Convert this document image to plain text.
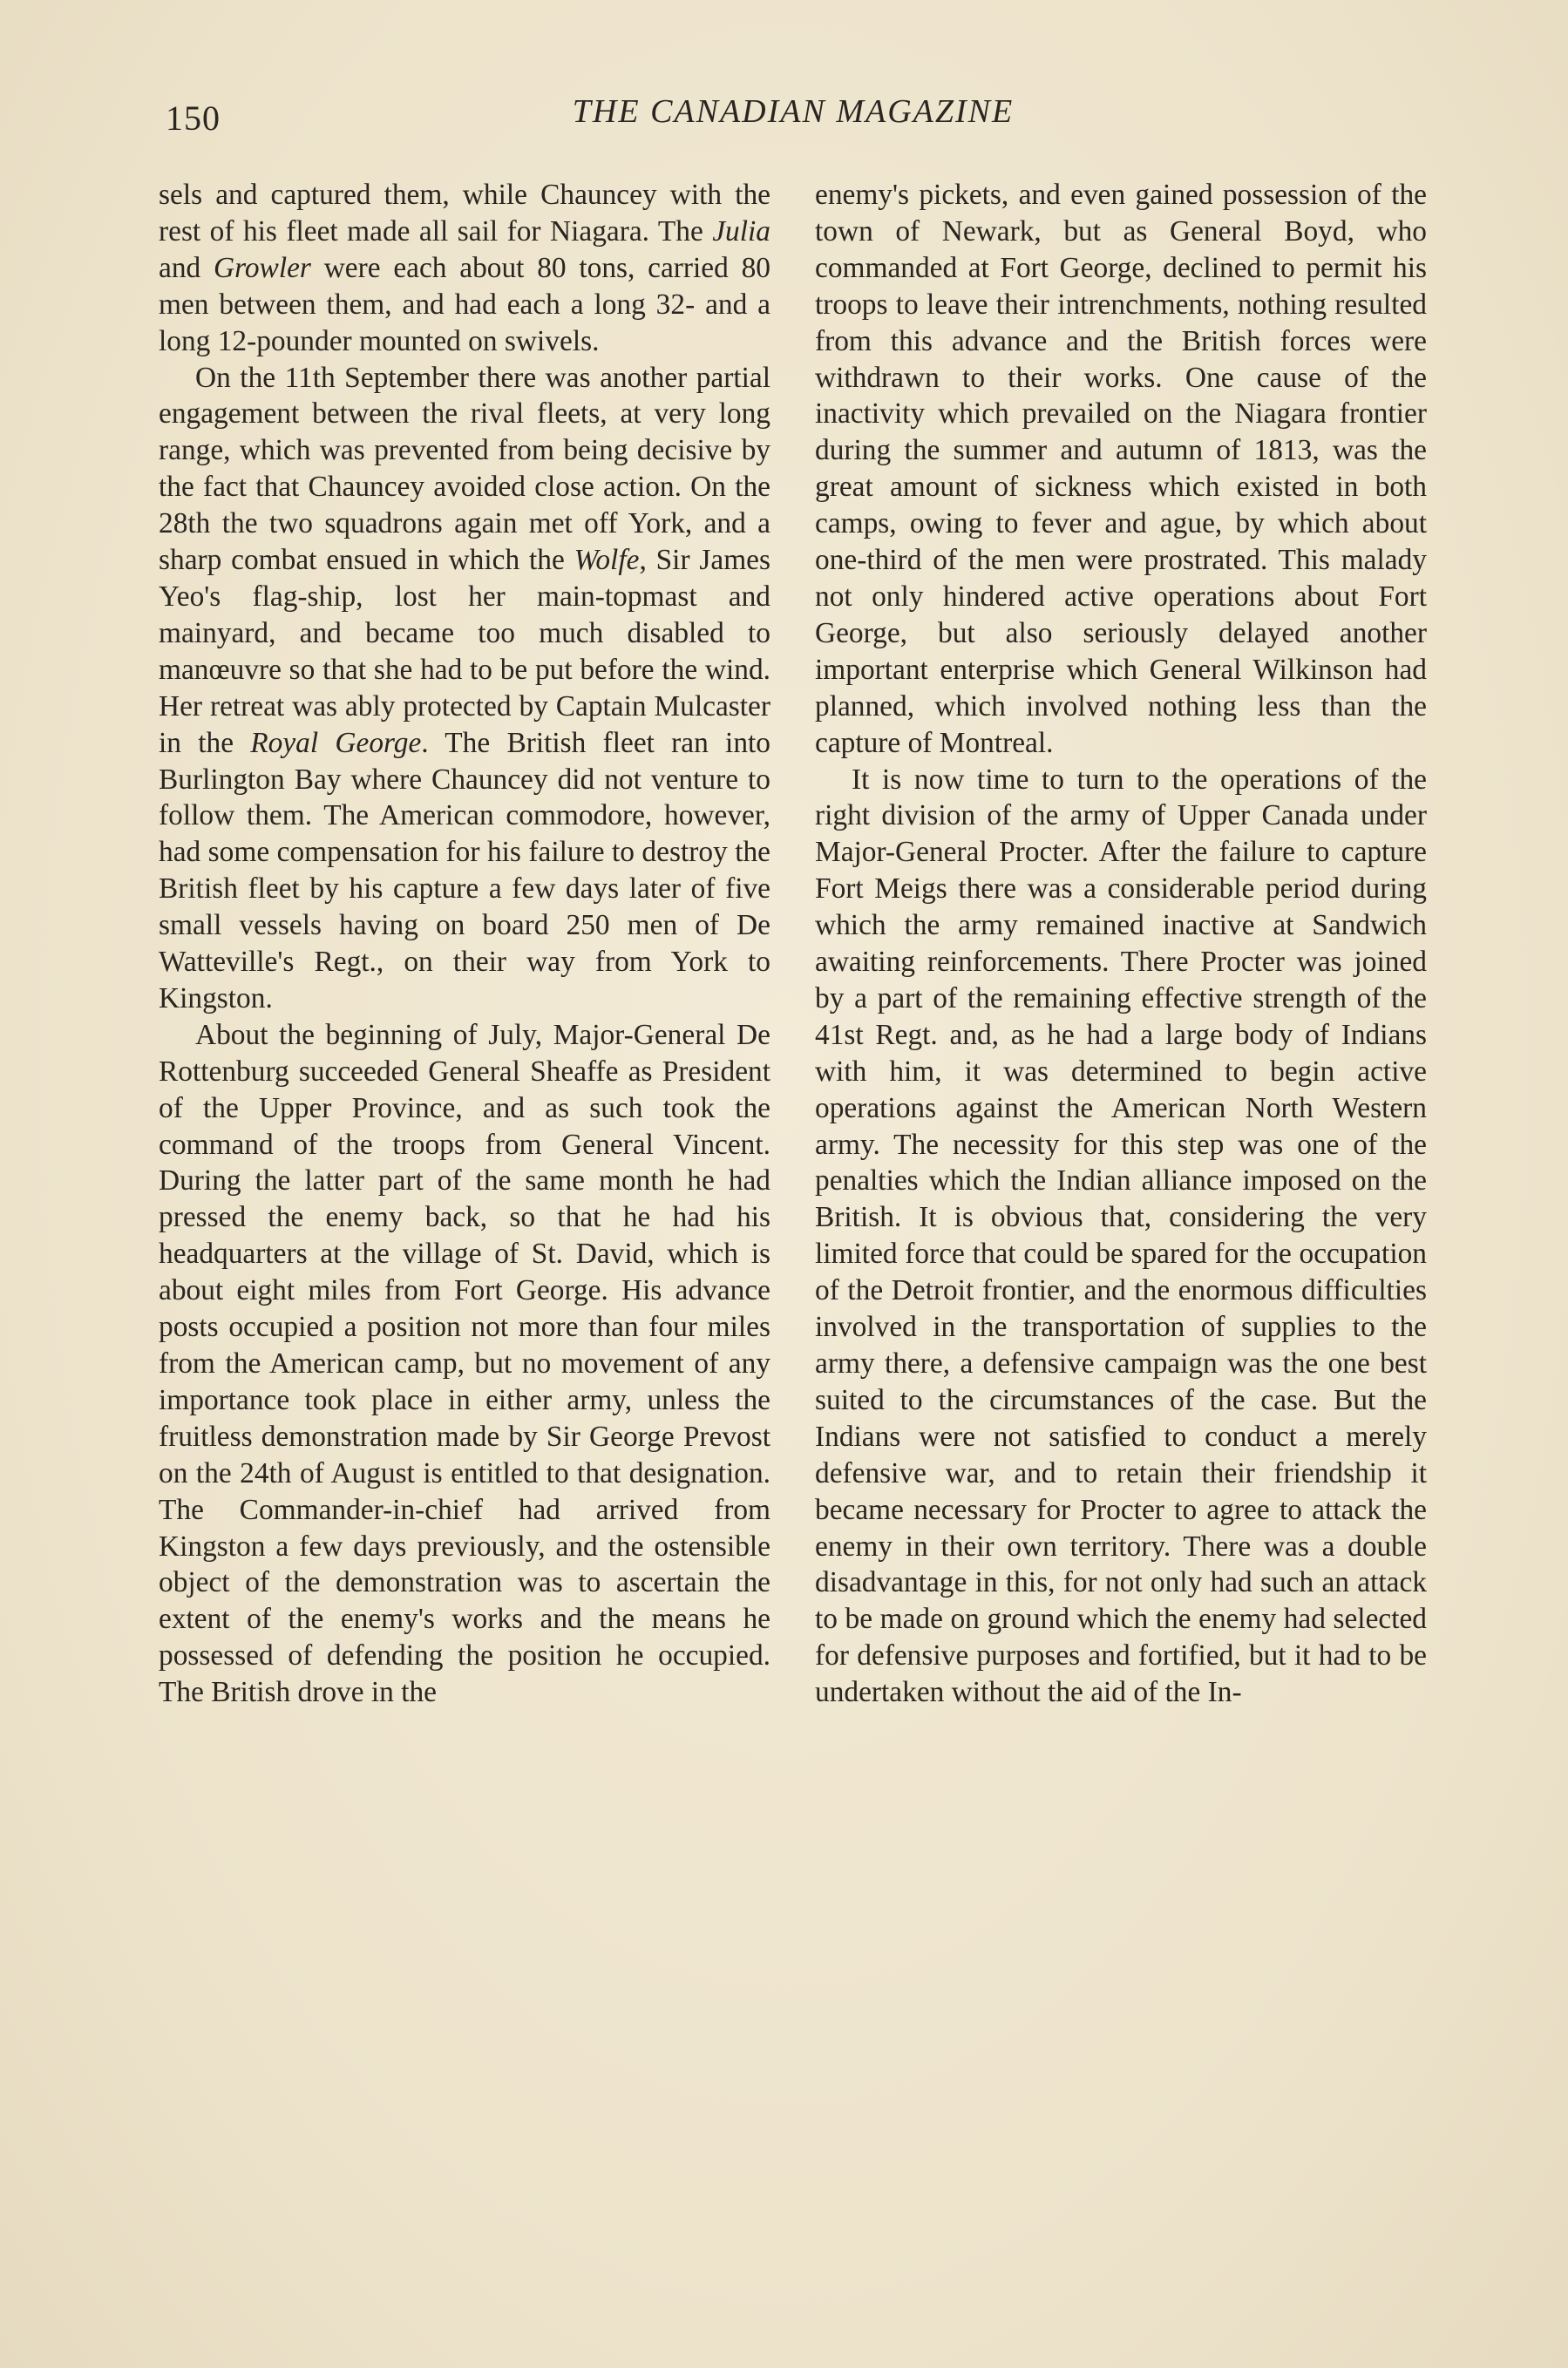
150	THE CANADIAN MAGAZINE

sels and captured them, while Chauncey with the rest of his fleet made all sail for Niagara. The Julia and Growler were each about 80 tons, carried 80 men between them, and had each a long 32- and a long 12-pounder mounted on swivels.

On the 11th September there was another partial engagement between the rival fleets, at very long range, which was prevented from being decisive by the fact that Chauncey avoided close action. On the 28th the two squadrons again met off York, and a sharp combat ensued in which the Wolfe, Sir James Yeo's flag-ship, lost her main-topmast and mainyard, and became too much disabled to manœuvre so that she had to be put before the wind. Her retreat was ably protected by Captain Mulcaster in the Royal George. The British fleet ran into Burlington Bay where Chauncey did not venture to follow them. The American commodore, however, had some compensation for his failure to destroy the British fleet by his capture a few days later of five small vessels having on board 250 men of De Watteville's Regt., on their way from York to Kingston.

About the beginning of July, Major-General De Rottenburg succeeded General Sheaffe as President of the Upper Province, and as such took the command of the troops from General Vincent. During the latter part of the same month he had pressed the enemy back, so that he had his headquarters at the village of St. David, which is about eight miles from Fort George. His advance posts occupied a position not more than four miles from the American camp, but no movement of any importance took place in either army, unless the fruitless demonstration made by Sir George Prevost on the 24th of August is entitled to that designation. The Commander-in-chief had arrived from Kingston a few days previously, and the ostensible object of the demonstration was to ascertain the extent of the enemy's works and the means he possessed of defending the position he occupied. The British drove in the

enemy's pickets, and even gained possession of the town of Newark, but as General Boyd, who commanded at Fort George, declined to permit his troops to leave their intrenchments, nothing resulted from this advance and the British forces were withdrawn to their works. One cause of the inactivity which prevailed on the Niagara frontier during the summer and autumn of 1813, was the great amount of sickness which existed in both camps, owing to fever and ague, by which about one-third of the men were prostrated. This malady not only hindered active operations about Fort George, but also seriously delayed another important enterprise which General Wilkinson had planned, which involved nothing less than the capture of Montreal.

It is now time to turn to the operations of the right division of the army of Upper Canada under Major-General Procter. After the failure to capture Fort Meigs there was a considerable period during which the army remained inactive at Sandwich awaiting reinforcements. There Procter was joined by a part of the remaining effective strength of the 41st Regt. and, as he had a large body of Indians with him, it was determined to begin active operations against the American North Western army. The necessity for this step was one of the penalties which the Indian alliance imposed on the British. It is obvious that, considering the very limited force that could be spared for the occupation of the Detroit frontier, and the enormous difficulties involved in the transportation of supplies to the army there, a defensive campaign was the one best suited to the circumstances of the case. But the Indians were not satisfied to conduct a merely defensive war, and to retain their friendship it became necessary for Procter to agree to attack the enemy in their own territory. There was a double disadvantage in this, for not only had such an attack to be made on ground which the enemy had selected for defensive purposes and fortified, but it had to be undertaken without the aid of the In-
